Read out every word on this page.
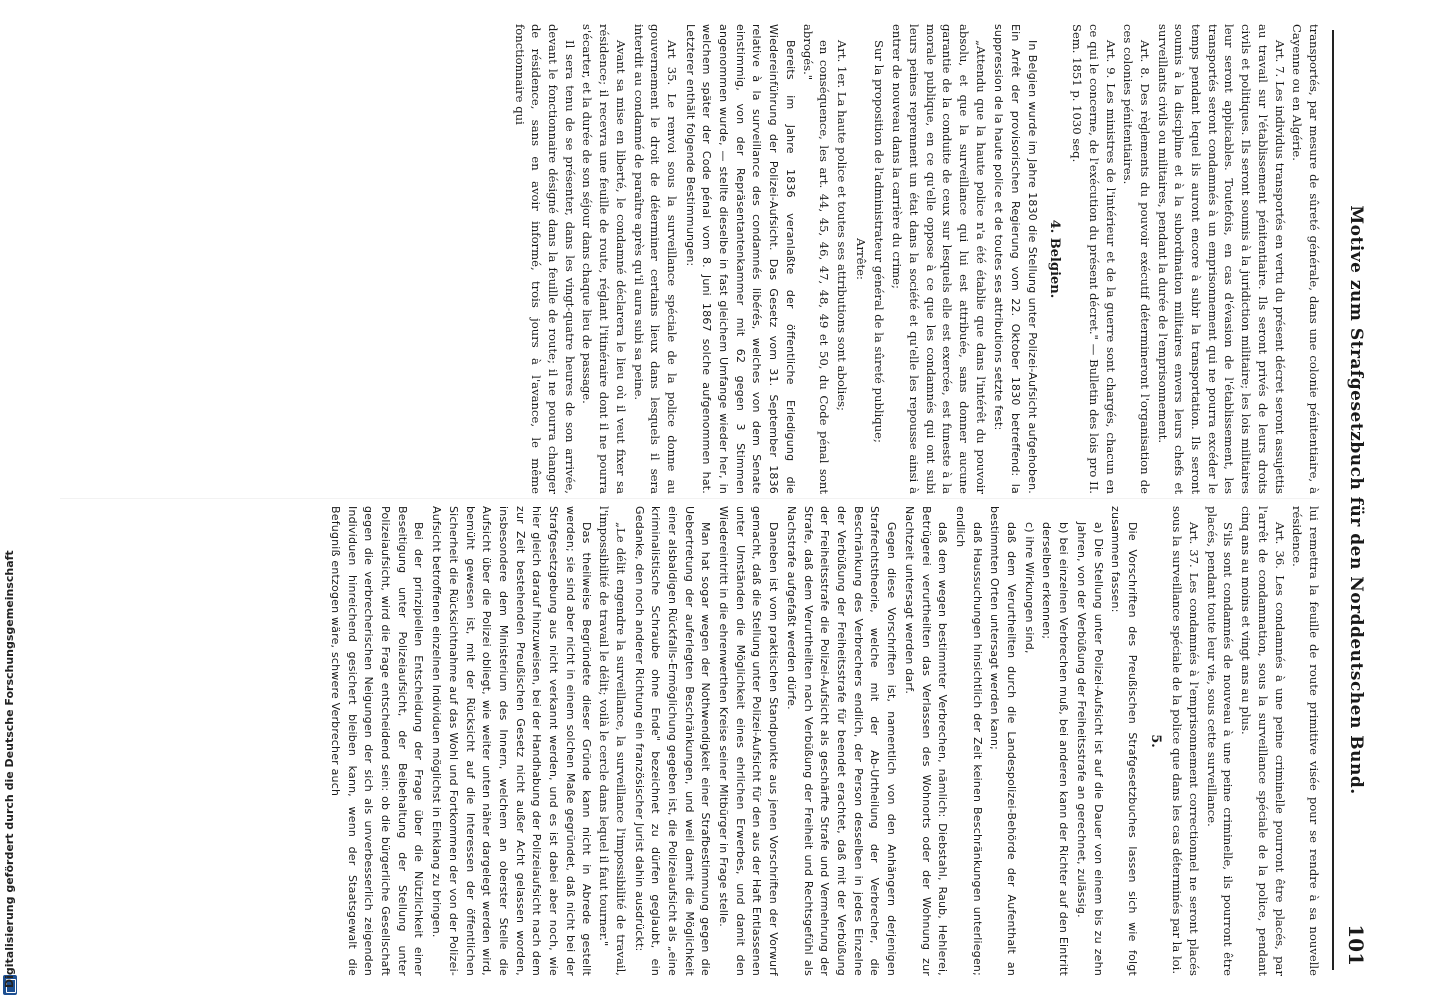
Motive zum Strafgesetzbuch für den Norddeutschen Bund.
101

transportés, par mesure de sûreté générale, dans une colonie pénitentiaire, à Cayenne ou en Algérie.

Art. 7. Les individus transportés en vertu du présent décret seront assujettis au travail sur l'établissement pénitentiaire. Ils seront privés de leurs droits civils et politiques. Ils seront soumis à la juridiction militaire; les lois militaires leur seront applicables. Toutefois, en cas d'évasion de l'établissement, les transportés seront condamnés à un emprisonnement qui ne pourra excéder le temps pendant lequel ils auront encore à subir la transportation. Ils seront soumis à la discipline et à la subordination militaires envers leurs chefs et surveillants civils ou militaires, pendant la durée de l'emprisonnement.

Art. 8. Des règlements du pouvoir exécutif détermineront l'organisation de ces colonies pénitentiaires.

Art. 9. Les ministres de l'intérieur et de la guerre sont chargés, chacun en ce qui le concerne, de l'exécution du présent décret." — Bulletin des lois pro II. Sem. 1851 p. 1030 seq.

4. Belgien.

In Belgien wurde im Jahre 1830 die Stellung unter Polizei-Aufsicht aufgehoben. Ein Arrêt der provisorischen Regierung vom 22. Oktober 1830 betreffend: la suppression de la haute police et de toutes ses attributions setzte fest:

„Attendu que la haute police n'a été établie que dans l'intérêt du pouvoir absolu, et que la surveillance qui lui est attribuée, sans donner aucune garantie de la conduite de ceux sur lesquels elle est exercée, est funeste à la morale publique, en ce qu'elle oppose à ce que les condamnés qui ont subi leurs peines reprennent un état dans la société et qu'elle les repousse ainsi à entrer de nouveau dans la carrière du crime;

Sur la proposition de l'administrateur général de la sûreté publique;

Arrête:

Art. 1er. La haute police et toutes ses attributions sont abolies;

en conséquence, les art. 44, 45, 46, 47, 48, 49 et 50, du Code pénal sont abrogés."

Bereits im Jahre 1836 veranlaßte der öffentliche Erledigung die Wiedereinführung der Polizei-Aufsicht. Das Gesetz vom 31. September 1836 relative à la surveillance des condamnés libérés, welches von dem Senate einstimmig, von der Repräsentantenkammer mit 62 gegen 3 Stimmen angenommen wurde, — stellte dieselbe in fast gleichem Umfange wieder her, in welchem später der Code pénal vom 8. Juni 1867 solche aufgenommen hat. Letzterer enthält folgende Bestimmungen:

Art 35. Le renvoi sous la surveillance spéciale de la police donne au gouvernement le droit de déterminer certains lieux dans lesquels il sera interdit au condamné de paraître après qu'il aura subi sa peine.

Avant sa mise en liberté, le condamné déclarera le lieu où il veut fixer sa résidence; il recevra une feuille de route, réglant l'itinéraire dont il ne pourra s'écarter, et la durée de son séjour dans chaque lieu de passage.

Il sera tenu de se présenter, dans les vingt-quatre heures de son arrivée, devant le fonctionnaire désigné dans la feuille de route; il ne pourra changer de résidence, sans en avoir informé, trois jours à l'avance, le même fonctionnaire qui

lui remettra la feuille de route primitive visée pour se rendre à sa nouvelle résidence.

Art. 36. Les condamnés à une peine criminelle pourront être placés, par l'arrêt de condamnation, sous la surveillance spéciale de la police, pendant cinq ans au moins et vingt ans au plus.

S'ils sont condamnés de nouveau à une peine criminelle, ils pourront être placés, pendant toute leur vie, sous cette surveillance.

Art. 37. Les condamnés à l'emprisonnement correctionnel ne seront placés sous la surveillance spéciale de la police que dans les cas déterminés par la loi.

5.

Die Vorschriften des Preußischen Strafgesetzbuches lassen sich wie folgt zusammen fassen:

a) Die Stellung unter Polizei-Aufsicht ist auf die Dauer von einem bis zu zehn Jahren, von der Verbüßung der Freiheitsstrafe an gerechnet, zulässig.

b) bei einzelnen Verbrechen muß, bei anderen kann der Richter auf den Eintritt derselben erkennen;

c) ihre Wirkungen sind,

daß dem Verurtheilten durch die Landespolizei-Behörde der Aufenthalt an bestimmten Orten untersagt werden kann;

daß Haussuchungen hinsichtlich der Zeit keinen Beschränkungen unterliegen; endlich

daß dem wegen bestimmter Verbrechen, nämlich: Diebstahl, Raub, Hehlerei, Betrügerei verurtheilten das Verlassen des Wohnorts oder der Wohnung zur Nachtzeit untersagt werden darf.

Gegen diese Vorschriften ist, namentlich von den Anhängern derjenigen Strafrechtstheorie, welche mit der Ab-Urtheilung der Verbrecher, die Beschränkung des Verbrechers endlich, der Person desselben in jedes Einzelne der Verbüßung der Freiheitsstrafe für beendet erachtet, daß mit der Verbüßung der Freiheitsstrafe die Polizei-Aufsicht als geschärfte Strafe und Vermehrung der Strafe, daß dem Verurtheilten nach Verbüßung der Freiheit und Rechtsgefühl als Nachstrafe aufgefaßt werden dürfe.

Daneben ist vom praktischen Standpunkte aus jenen Vorschriften der Vorwurf gemacht, daß die Stellung unter Polizei-Aufsicht für den aus der Haft Entlassenen unter Umständen die Möglichkeit eines ehrlichen Erwerbes, und damit den Wiedereintritt in die ehrenwerthen Kreise seiner Mitbürger in Frage stelle.

Man hat sogar wegen der Nothwendigkeit einer Strafbestimmung gegen die Uebertretung der auferlegten Beschränkungen, und weil damit die Möglichkeit einer alsbaldigen Rückfalls-Ermöglichung gegeben ist, die Polizeiaufsicht als „eine kriminalistische Schraube ohne Ende" bezeichnet zu dürfen geglaubt, ein Gedanke, den noch anderer Richtung ein französischer Jurist dahin ausdrückt:

„Le délit engendre la surveillance, la surveillance l'impossibilité de travail, l'impossibilité de travail le délit; voilà le cercle dans lequel il faut tourner."

Das theilweise Begründete dieser Gründe kann nicht in Abrede gestellt werden; sie sind aber nicht in einem solchen Maße gegründet, daß nicht bei der Strafgesetzgebung aus nicht verkannt werden, und es ist dabei aber noch, wie hier gleich darauf hinzuweisen, bei der Handhabung der Polizeiaufsicht nach dem zur Zeit bestehenden Preußischen Gesetz nicht außer Acht gelassen worden, insbesondere dem Ministerium des Innern, welchem an oberster Stelle die Aufsicht über die Polizei obliegt, wie weiter unten näher dargelegt werden wird, bemüht gewesen ist, mit der Rücksicht auf die Interessen der öffentlichen Sicherheit die Rücksichtnahme auf das Wohl und Fortkommen der von der Polizei-Aufsicht betroffenen einzelnen Individuen möglichst in Einklang zu bringen.

Bei der prinzipiellen Entscheidung der Frage über die Nützlichkeit einer Beseitigung unter Polizeiaufsicht, der Beibehaltung der Stellung unter Polizeiaufsicht, wird die Frage entscheidend sein: ob die bürgerliche Gesellschaft gegen die verbrecherischen Neigungen der sich als unverbesserlich zeigenden Individuen hinreichend gesichert bleiben kann, wenn der Staatsgewalt die Befugniß entzogen wäre, schwere Verbrecher auch

Digitalisierung gefördert durch die Deutsche Forschungsgemeinschaft
